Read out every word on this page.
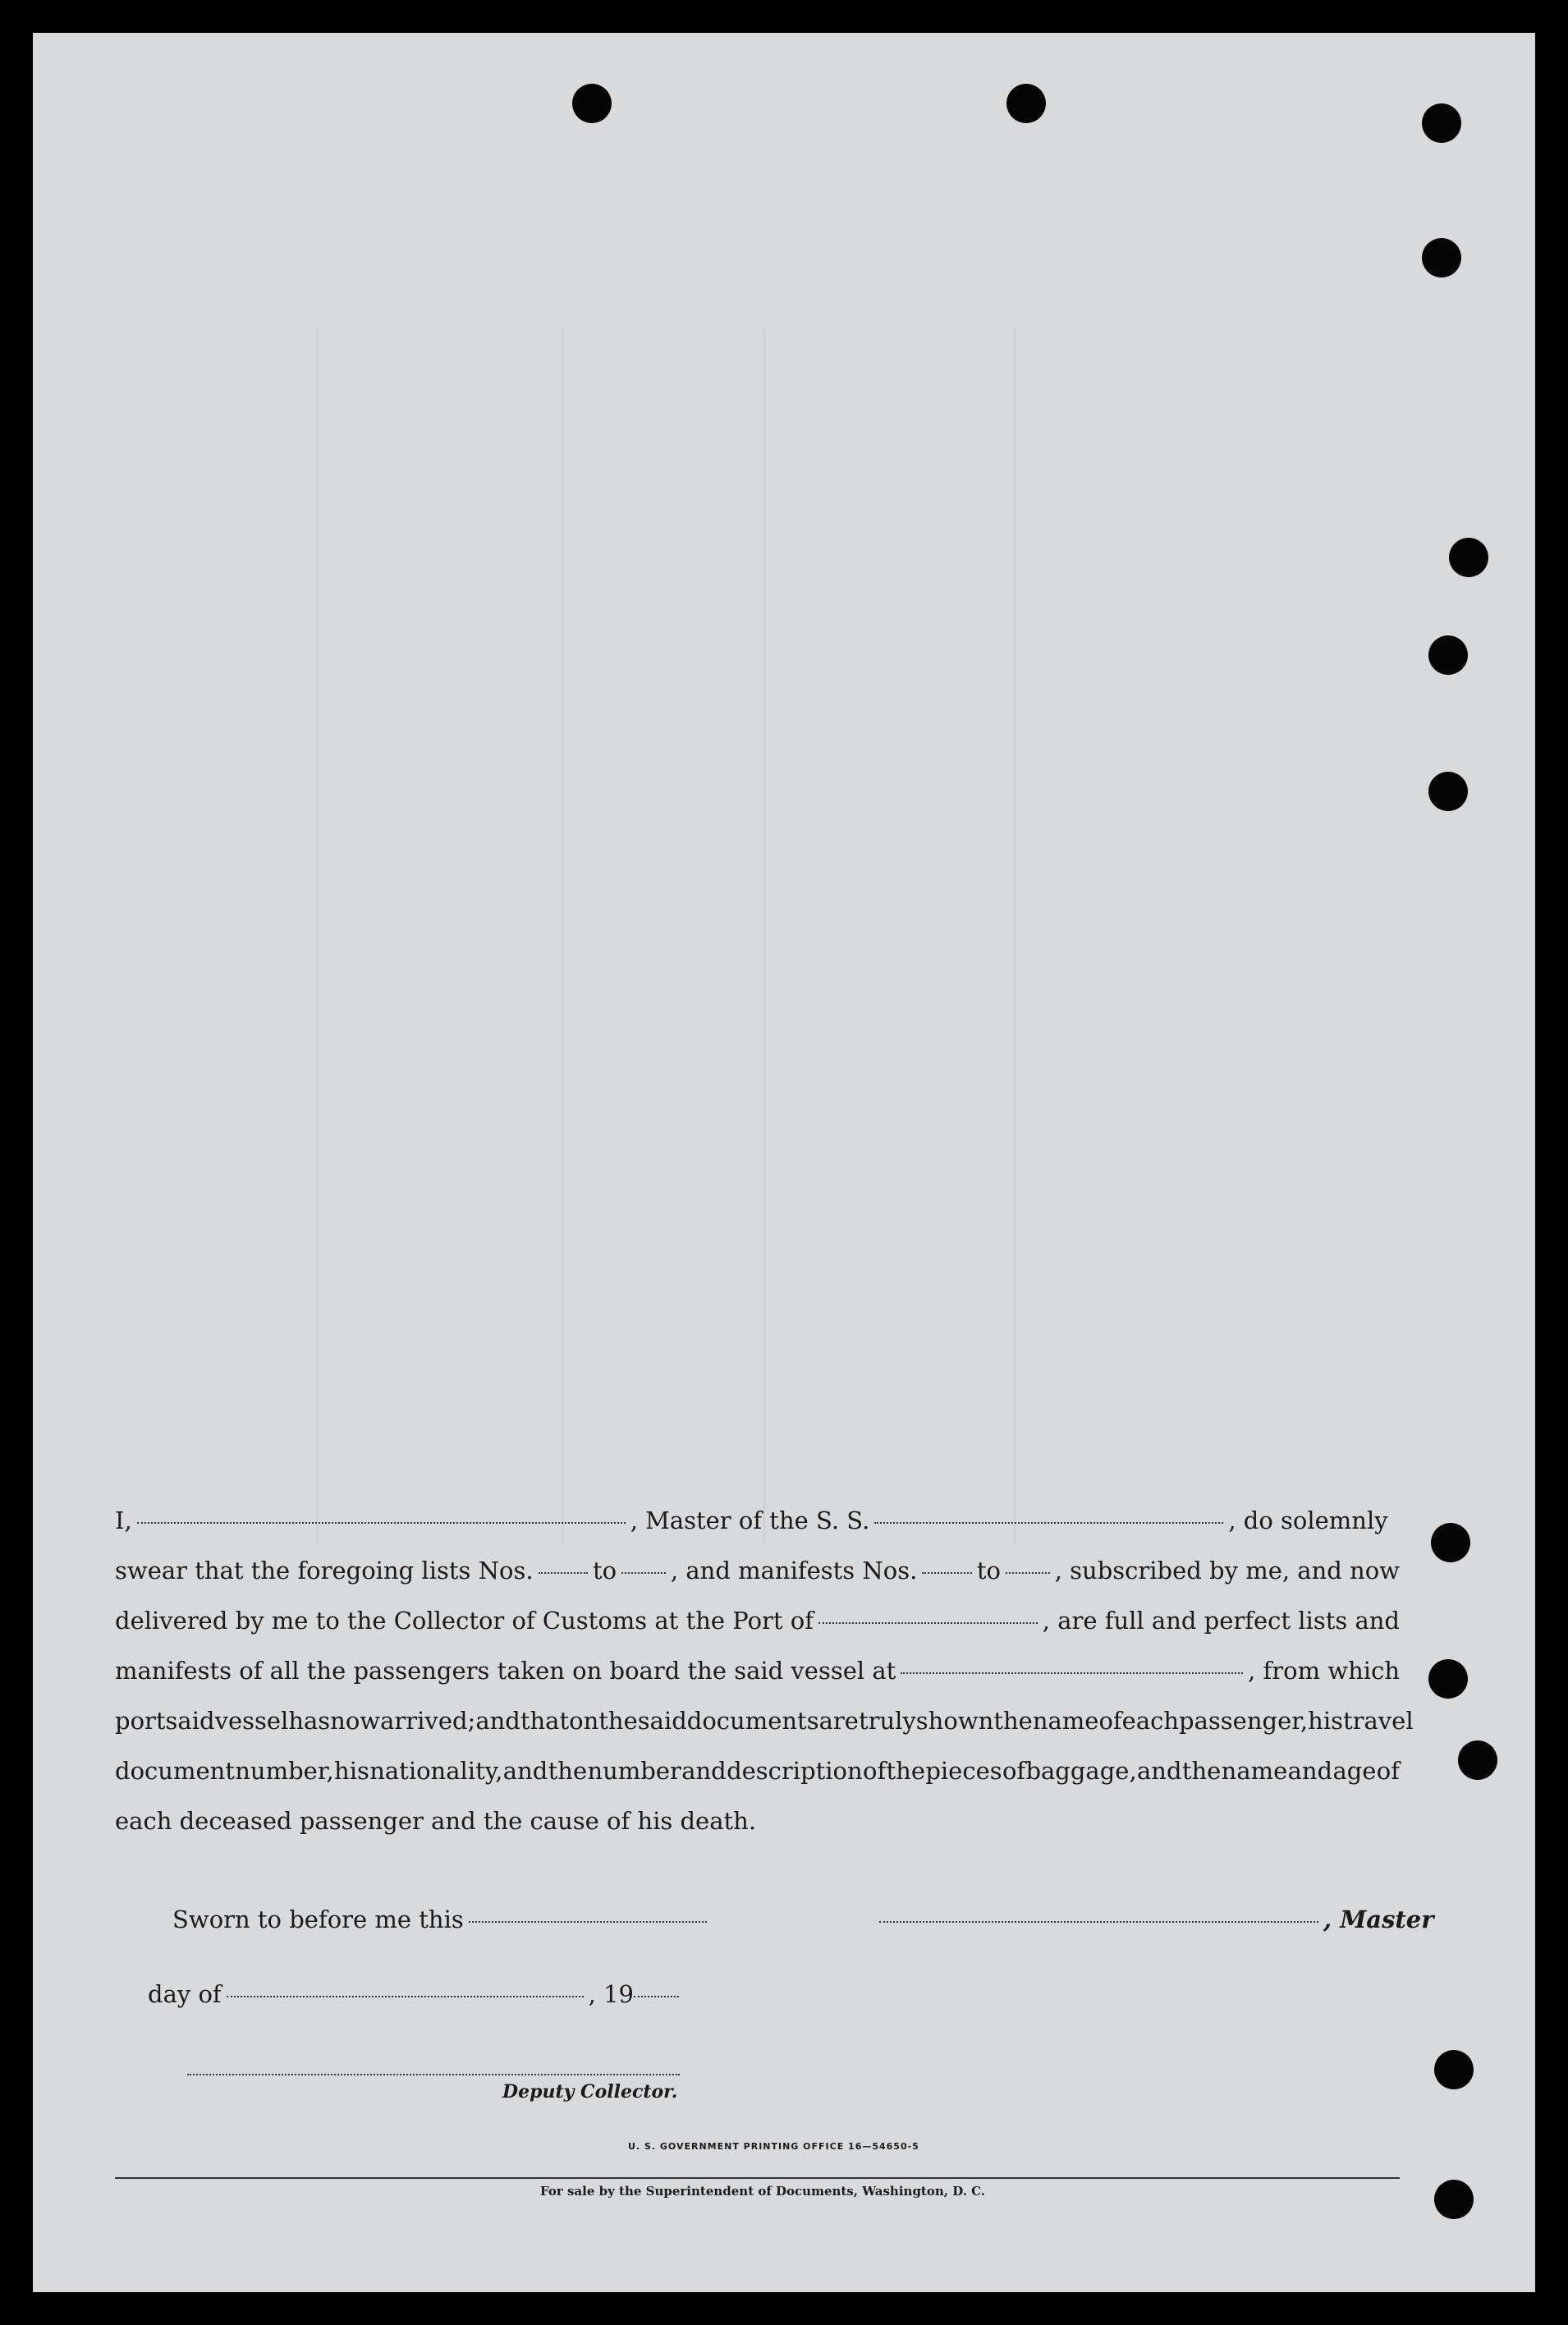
I,	, Master of the S. S.	, do solemnly
swear that the foregoing lists Nos. to , and manifests Nos. to , subscribed by me, and now
delivered by me to the Collector of Customs at the Port of	, are full and perfect lists and
manifests of all the passengers taken on board the said vessel at	, from which
port said vessel has now arrived; and that on the said documents are truly shown the name of each passenger, his travel
document number, his nationality, and the number and description of the pieces of baggage, and the name and age of
each deceased passenger and the cause of his death.
Sworn to before me this	, Master
day of	, 19
Deputy Collector.
U. S. GOVERNMENT PRINTING OFFICE 16—54650-5
For sale by the Superintendent of Documents, Washington, D. C.
